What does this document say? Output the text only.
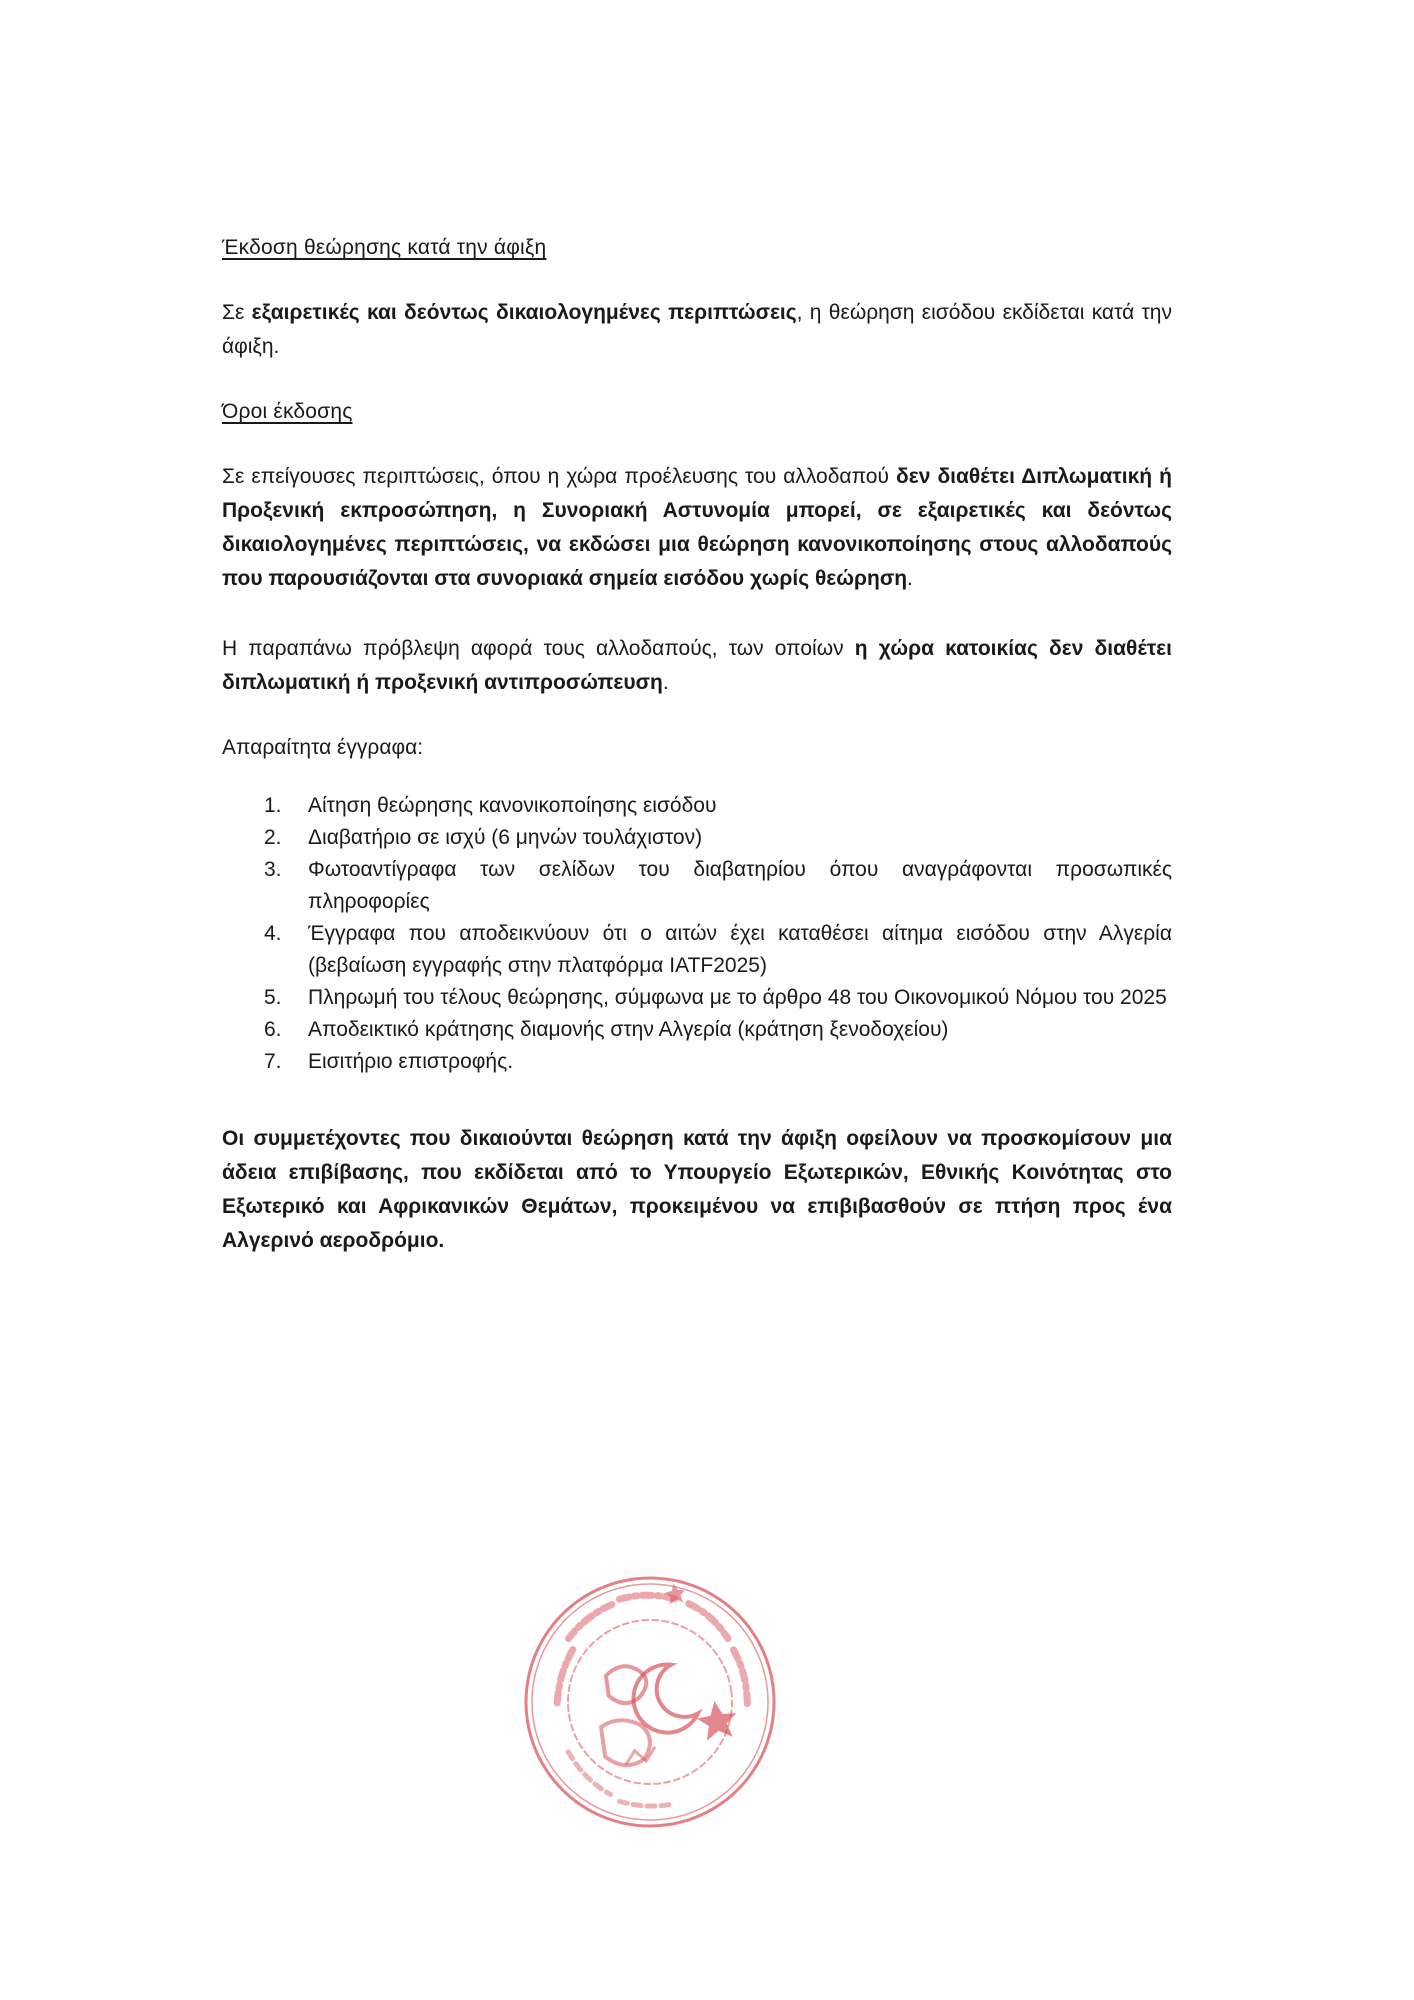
Έκδοση θεώρησης κατά την άφιξη

Σε εξαιρετικές και δεόντως δικαιολογημένες περιπτώσεις, η θεώρηση εισόδου εκδίδεται κατά την άφιξη.

Όροι έκδοσης

Σε επείγουσες περιπτώσεις, όπου η χώρα προέλευσης του αλλοδαπού δεν διαθέτει Διπλωματική ή Προξενική εκπροσώπηση, η Συνοριακή Αστυνομία μπορεί, σε εξαιρετικές και δεόντως δικαιολογημένες περιπτώσεις, να εκδώσει μια θεώρηση κανονικοποίησης στους αλλοδαπούς που παρουσιάζονται στα συνοριακά σημεία εισόδου χωρίς θεώρηση.

Η παραπάνω πρόβλεψη αφορά τους αλλοδαπούς, των οποίων η χώρα κατοικίας δεν διαθέτει διπλωματική ή προξενική αντιπροσώπευση.

Απαραίτητα έγγραφα:

1. Αίτηση θεώρησης κανονικοποίησης εισόδου
2. Διαβατήριο σε ισχύ (6 μηνών τουλάχιστον)
3. Φωτοαντίγραφα των σελίδων του διαβατηρίου όπου αναγράφονται προσωπικές πληροφορίες
4. Έγγραφα που αποδεικνύουν ότι ο αιτών έχει καταθέσει αίτημα εισόδου στην Αλγερία (βεβαίωση εγγραφής στην πλατφόρμα IATF2025)
5. Πληρωμή του τέλους θεώρησης, σύμφωνα με το άρθρο 48 του Οικονομικού Νόμου του 2025
6. Αποδεικτικό κράτησης διαμονής στην Αλγερία (κράτηση ξενοδοχείου)
7. Εισιτήριο επιστροφής.

Οι συμμετέχοντες που δικαιούνται θεώρηση κατά την άφιξη οφείλουν να προσκομίσουν μια άδεια επιβίβασης, που εκδίδεται από το Υπουργείο Εξωτερικών, Εθνικής Κοινότητας στο Εξωτερικό και Αφρικανικών Θεμάτων, προκειμένου να επιβιβασθούν σε πτήση προς ένα Αλγερινό αεροδρόμιο.
